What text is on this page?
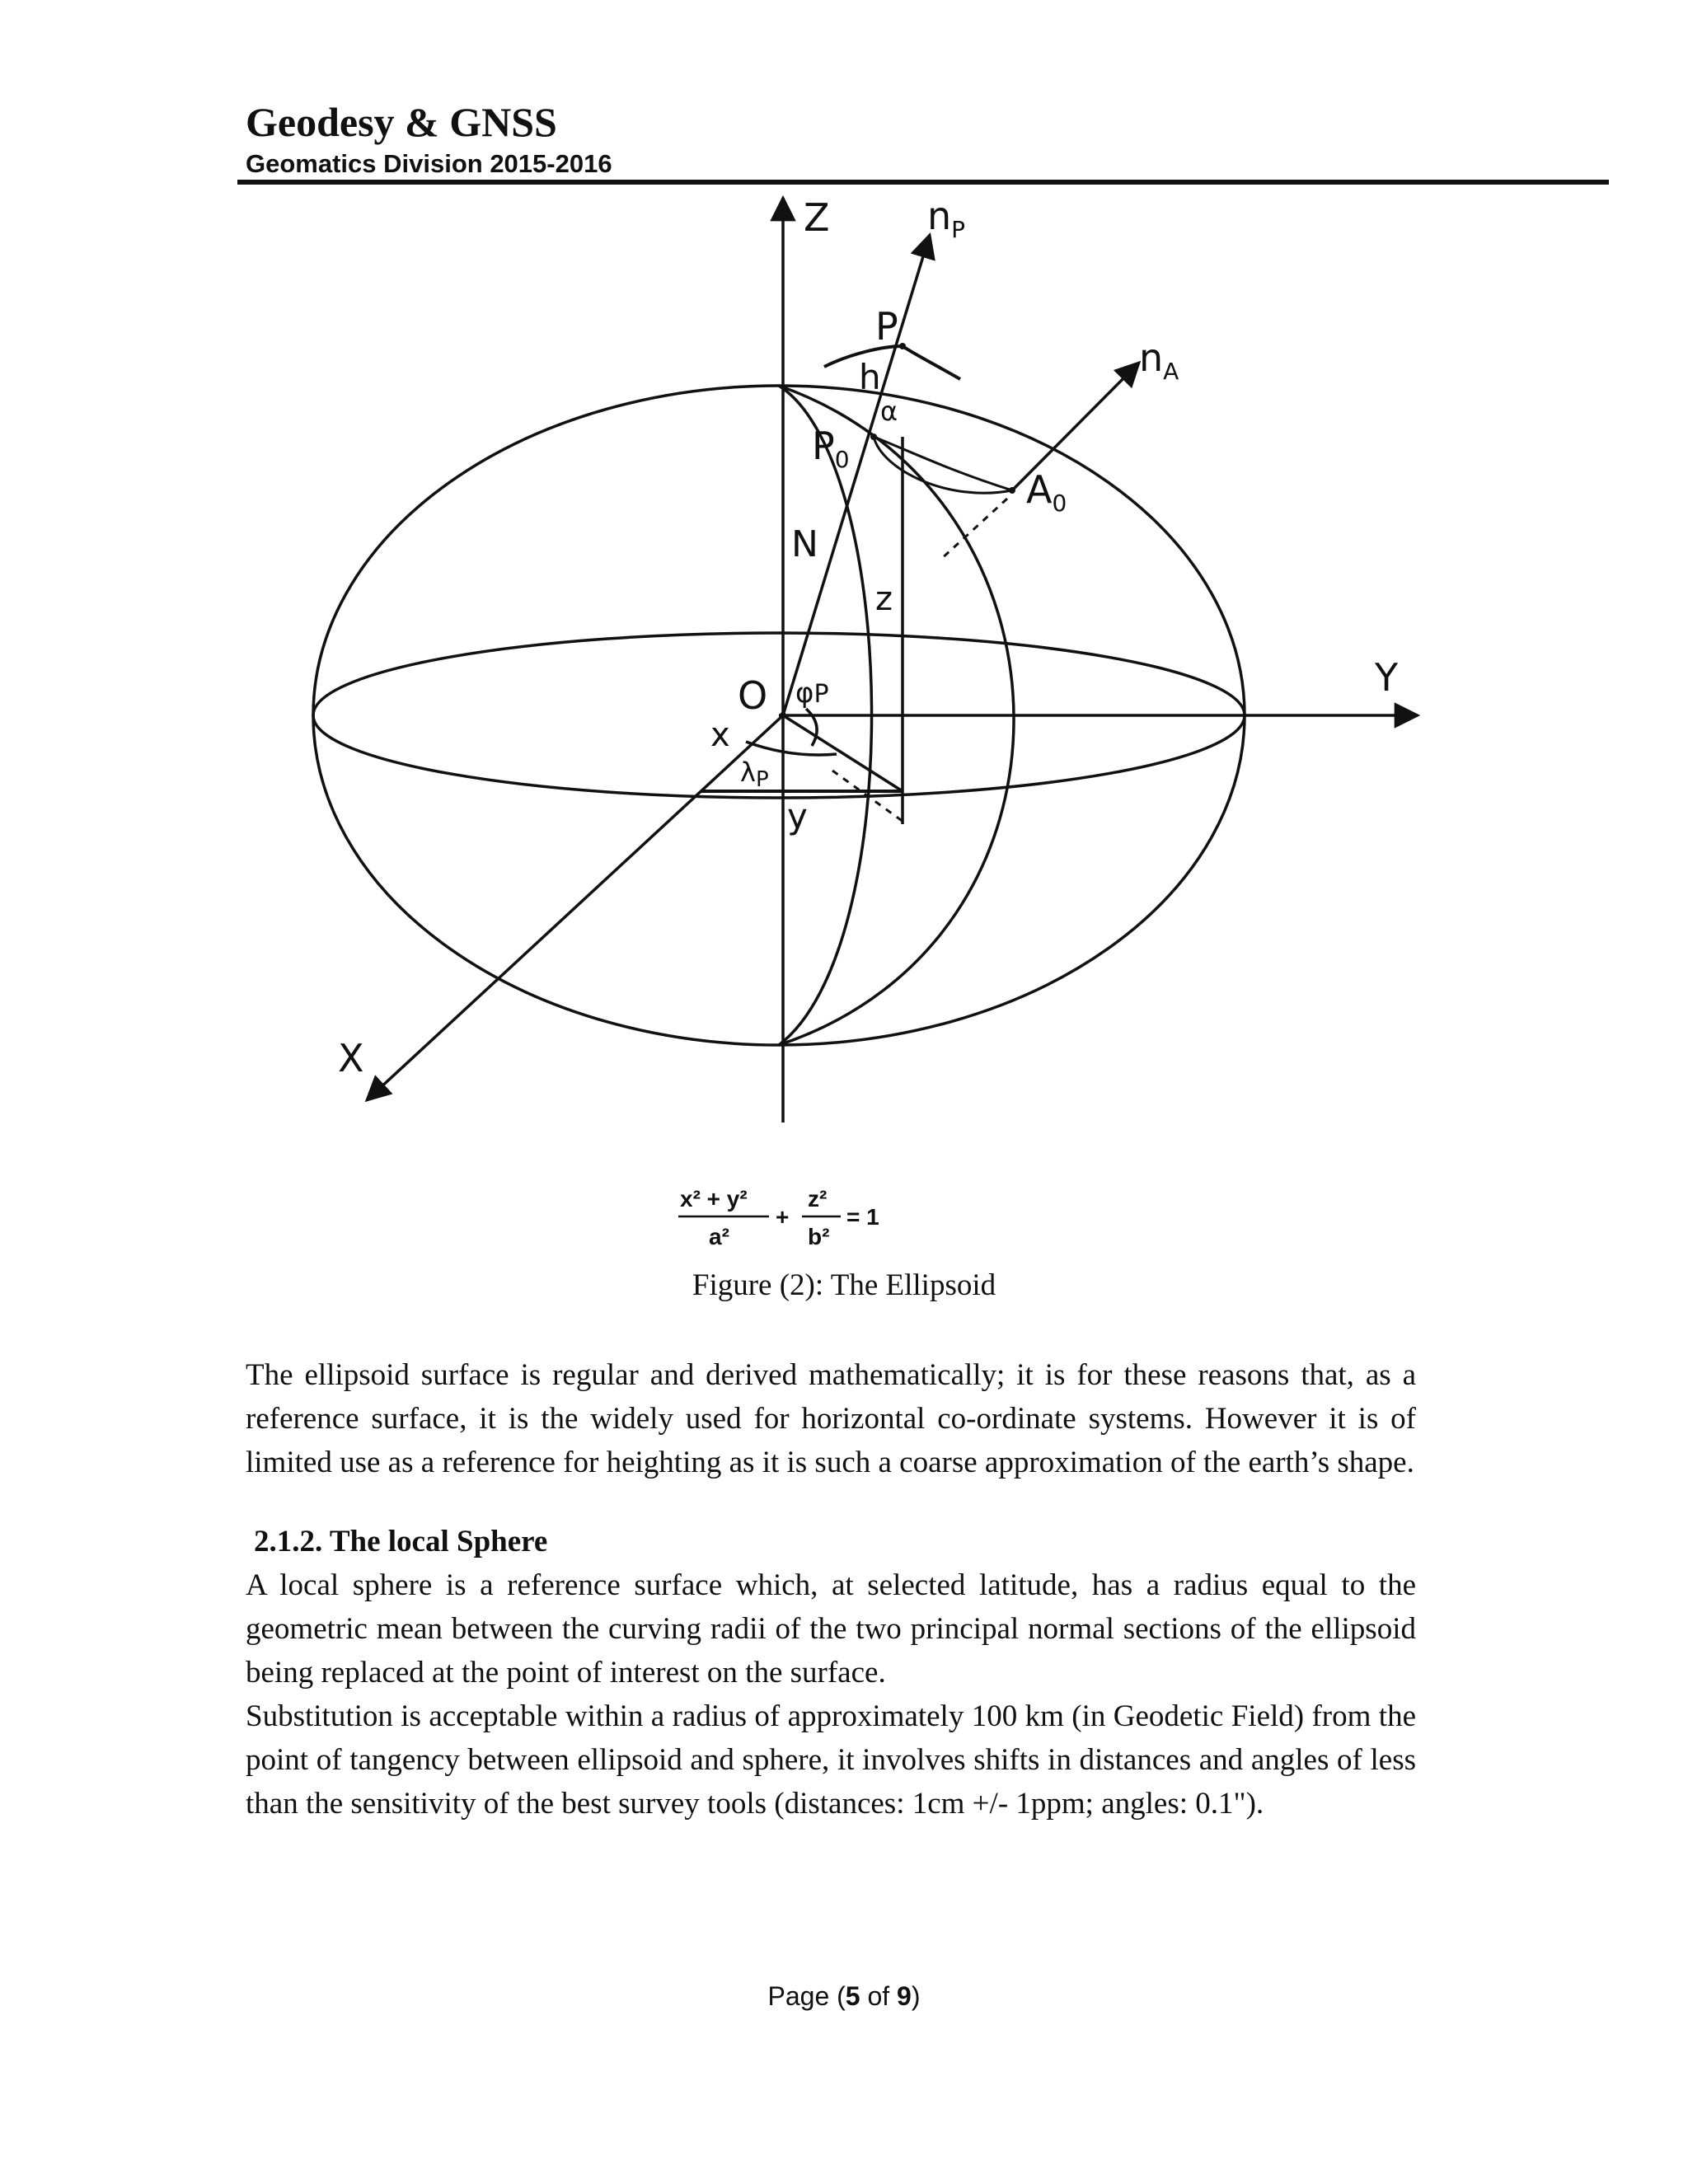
Geodesy & GNSS
Geomatics Division 2015-2016
Z	$n_P$
$n_A$
P
h
α
$P_0$
$A_0$
N
z
O φP	Y
x
λP
y
X
x² + y²
a²
+
z²
b²
= 1
Figure (2): The Ellipsoid

The ellipsoid surface is regular and derived mathematically; it is for these reasons that, as a reference surface, it is the widely used for horizontal co-ordinate systems. However it is of limited use as a reference for heighting as it is such a coarse approximation of the earth’s shape.

2.1.2. The local Sphere

A local sphere is a reference surface which, at selected latitude, has a radius equal to the geometric mean between the curving radii of the two principal normal sections of the ellipsoid being replaced at the point of interest on the surface.

Substitution is acceptable within a radius of approximately 100 km (in Geodetic Field) from the point of tangency between ellipsoid and sphere, it involves shifts in distances and angles of less than the sensitivity of the best survey tools (distances: 1cm +/- 1ppm; angles: 0.1").

Page (5 of 9)
